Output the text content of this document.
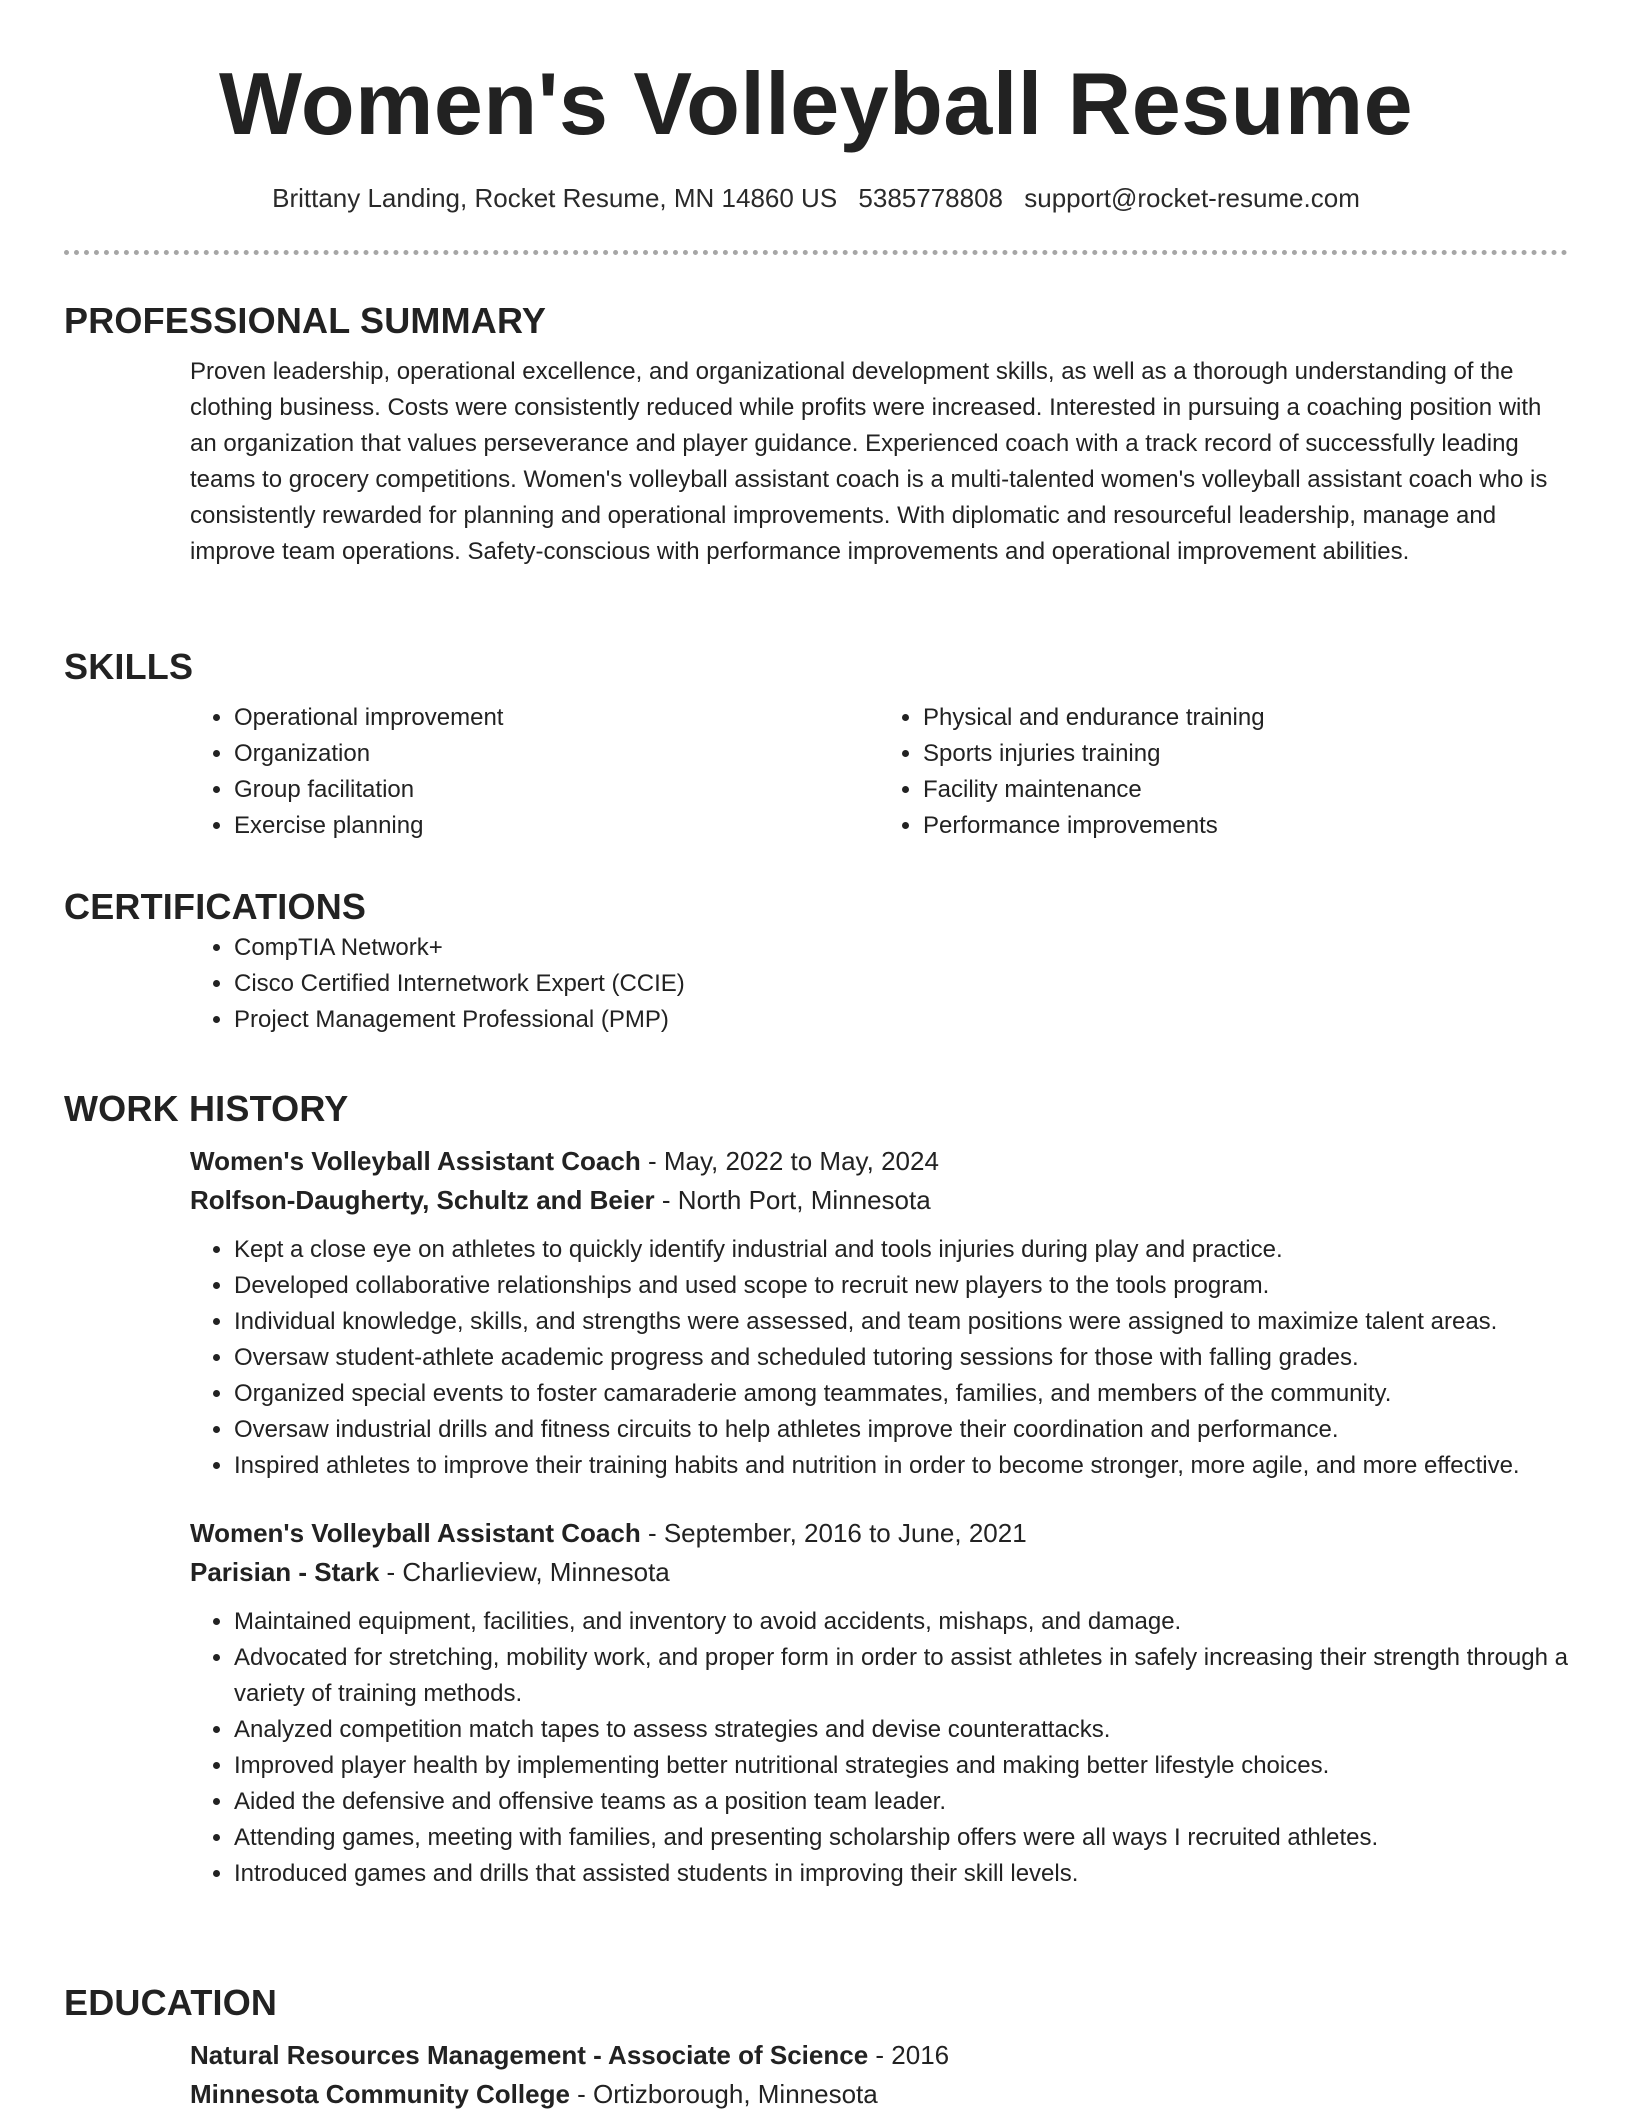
Women's Volleyball Resume
Brittany Landing, Rocket Resume, MN 14860 US 5385778808 support@rocket-resume.com
PROFESSIONAL SUMMARY

Proven leadership, operational excellence, and organizational development skills, as well as a thorough understanding of the clothing business. Costs were consistently reduced while profits were increased. Interested in pursuing a coaching position with an organization that values perseverance and player guidance. Experienced coach with a track record of successfully leading teams to grocery competitions. Women's volleyball assistant coach is a multi-talented women's volleyball assistant coach who is consistently rewarded for planning and operational improvements. With diplomatic and resourceful leadership, manage and improve team operations. Safety-conscious with performance improvements and operational improvement abilities.

SKILLS
• Operational improvement
• Organization
• Group facilitation
• Exercise planning
• Physical and endurance training
• Sports injuries training
• Facility maintenance
• Performance improvements
CERTIFICATIONS
• CompTIA Network+
• Cisco Certified Internetwork Expert (CCIE)
• Project Management Professional (PMP)
WORK HISTORY
Women's Volleyball Assistant Coach - May, 2022 to May, 2024
Rolfson-Daugherty, Schultz and Beier - North Port, Minnesota
• Kept a close eye on athletes to quickly identify industrial and tools injuries during play and practice.
• Developed collaborative relationships and used scope to recruit new players to the tools program.
• Individual knowledge, skills, and strengths were assessed, and team positions were assigned to maximize talent areas.
• Oversaw student-athlete academic progress and scheduled tutoring sessions for those with falling grades.
• Organized special events to foster camaraderie among teammates, families, and members of the community.
• Oversaw industrial drills and fitness circuits to help athletes improve their coordination and performance.
• Inspired athletes to improve their training habits and nutrition in order to become stronger, more agile, and more effective.
Women's Volleyball Assistant Coach - September, 2016 to June, 2021
Parisian - Stark - Charlieview, Minnesota
• Maintained equipment, facilities, and inventory to avoid accidents, mishaps, and damage.
• Advocated for stretching, mobility work, and proper form in order to assist athletes in safely increasing their strength through a variety of training methods.
• Analyzed competition match tapes to assess strategies and devise counterattacks.
• Improved player health by implementing better nutritional strategies and making better lifestyle choices.
• Aided the defensive and offensive teams as a position team leader.
• Attending games, meeting with families, and presenting scholarship offers were all ways I recruited athletes.
• Introduced games and drills that assisted students in improving their skill levels.
EDUCATION
Natural Resources Management - Associate of Science - 2016
Minnesota Community College - Ortizborough, Minnesota
